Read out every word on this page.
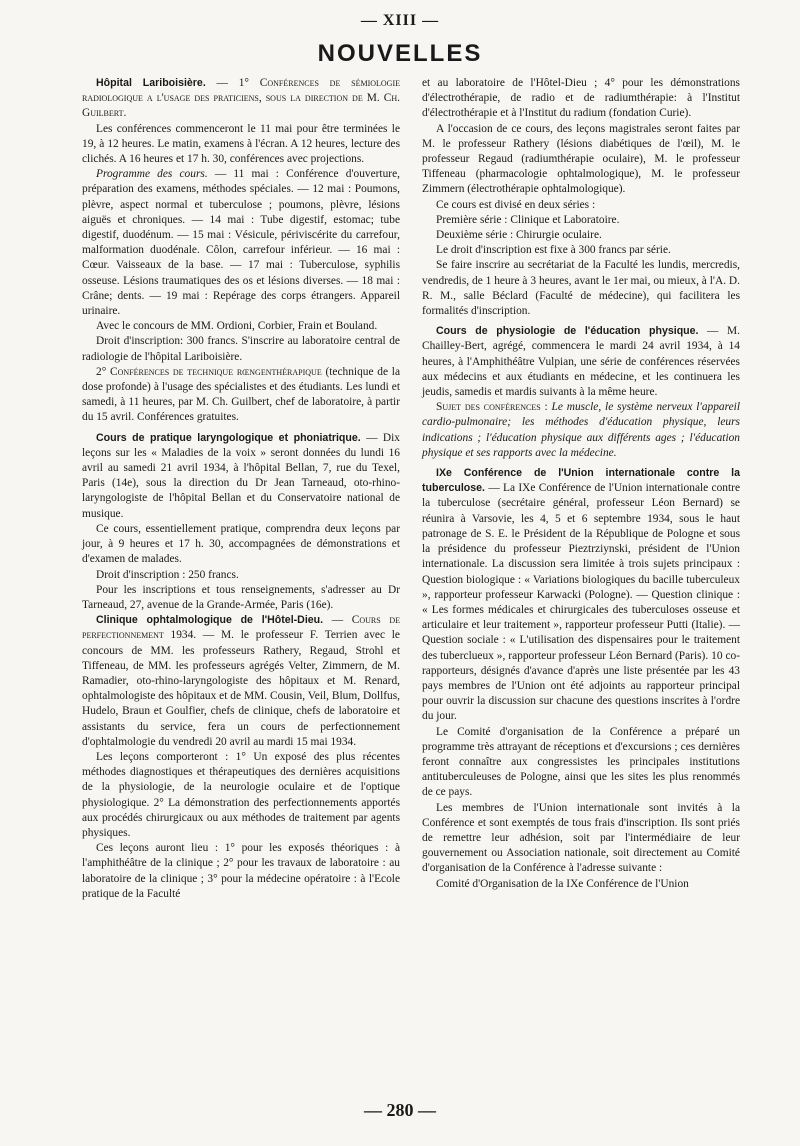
— XIII —
NOUVELLES

Hôpital Lariboisière. — 1° Conférences de sémiologie radiologique a l'usage des praticiens, sous la direction de M. Ch. Guilbert.

Les conférences commenceront le 11 mai pour être terminées le 19, à 12 heures. Le matin, examens à l'écran. A 12 heures, lecture des clichés. A 16 heures et 17 h. 30, conférences avec projections.

Programme des cours. — 11 mai : Conférence d'ouverture, préparation des examens, méthodes spéciales. — 12 mai : Poumons, plèvre, aspect normal et tuberculose ; poumons, plèvre, lésions aiguës et chroniques. — 14 mai : Tube digestif, estomac; tube digestif, duodénum. — 15 mai : Vésicule, périviscérite du carrefour, malformation duodénale. Côlon, carrefour inférieur. — 16 mai : Cœur. Vaisseaux de la base. — 17 mai : Tuberculose, syphilis osseuse. Lésions traumatiques des os et lésions diverses. — 18 mai : Crâne; dents. — 19 mai : Repérage des corps étrangers. Appareil urinaire.

Avec le concours de MM. Ordioni, Corbier, Frain et Bouland.

Droit d'inscription: 300 francs. S'inscrire au laboratoire central de radiologie de l'hôpital Lariboisière.

2° Conférences de technique rœngenthérapique (technique de la dose profonde) à l'usage des spécialistes et des étudiants. Les lundi et samedi, à 11 heures, par M. Ch. Guilbert, chef de laboratoire, à partir du 15 avril. Conférences gratuites.

Cours de pratique laryngologique et phoniatrique. — Dix leçons sur les « Maladies de la voix » seront données du lundi 16 avril au samedi 21 avril 1934, à l'hôpital Bellan, 7, rue du Texel, Paris (14e), sous la direction du Dr Jean Tarneaud, oto-rhino-laryngologiste de l'hôpital Bellan et du Conservatoire national de musique.

Ce cours, essentiellement pratique, comprendra deux leçons par jour, à 9 heures et 17 h. 30, accompagnées de démonstrations et d'examen de malades.

Droit d'inscription : 250 francs.

Pour les inscriptions et tous renseignements, s'adresser au Dr Tarneaud, 27, avenue de la Grande-Armée, Paris (16e).

Clinique ophtalmologique de l'Hôtel-Dieu. — Cours de perfectionnement 1934. — M. le professeur F. Terrien avec le concours de MM. les professeurs Rathery, Regaud, Strohl et Tiffeneau, de MM. les professeurs agrégés Velter, Zimmern, de M. Ramadier, oto-rhino-laryngologiste des hôpitaux et M. Renard, ophtalmologiste des hôpitaux et de MM. Cousin, Veil, Blum, Dollfus, Hudelo, Braun et Goulfier, chefs de clinique, chefs de laboratoire et assistants du service, fera un cours de perfectionnement d'ophtalmologie du vendredi 20 avril au mardi 15 mai 1934.

Les leçons comporteront : 1° Un exposé des plus récentes méthodes diagnostiques et thérapeutiques des dernières acquisitions de la physiologie, de la neurologie oculaire et de l'optique physiologique. 2° La démonstration des perfectionnements apportés aux procédés chirurgicaux ou aux méthodes de traitement par agents physiques.

Ces leçons auront lieu : 1° pour les exposés théoriques : à l'amphithéâtre de la clinique ; 2° pour les travaux de laboratoire : au laboratoire de la clinique ; 3° pour la médecine opératoire : à l'Ecole pratique de la Faculté

et au laboratoire de l'Hôtel-Dieu ; 4° pour les démonstrations d'électrothérapie, de radio et de radiumthérapie: à l'Institut d'électrothérapie et à l'Institut du radium (fondation Curie).

A l'occasion de ce cours, des leçons magistrales seront faites par M. le professeur Rathery (lésions diabétiques de l'œil), M. le professeur Regaud (radiumthérapie oculaire), M. le professeur Tiffeneau (pharmacologie ophtalmologique), M. le professeur Zimmern (électrothérapie ophtalmologique).

Ce cours est divisé en deux séries :

Première série : Clinique et Laboratoire.

Deuxième série : Chirurgie oculaire.

Le droit d'inscription est fixe à 300 francs par série.

Se faire inscrire au secrétariat de la Faculté les lundis, mercredis, vendredis, de 1 heure à 3 heures, avant le 1er mai, ou mieux, à l'A. D. R. M., salle Béclard (Faculté de médecine), qui facilitera les formalités d'inscription.

Cours de physiologie de l'éducation physique. — M. Chailley-Bert, agrégé, commencera le mardi 24 avril 1934, à 14 heures, à l'Amphithéâtre Vulpian, une série de conférences réservées aux médecins et aux étudiants en médecine, et les continuera les jeudis, samedis et mardis suivants à la même heure.

Sujet des conférences : Le muscle, le système nerveux l'appareil cardio-pulmonaire; les méthodes d'éducation physique, leurs indications ; l'éducation physique aux différents ages ; l'éducation physique et ses rapports avec la médecine.

IXe Conférence de l'Union internationale contre la tuberculose. — La IXe Conférence de l'Union internationale contre la tuberculose (secrétaire général, professeur Léon Bernard) se réunira à Varsovie, les 4, 5 et 6 septembre 1934, sous le haut patronage de S. E. le Président de la République de Pologne et sous la présidence du professeur Pieztrziynski, président de l'Union internationale. La discussion sera limitée à trois sujets principaux : Question biologique : « Variations biologiques du bacille tuberculeux », rapporteur professeur Karwacki (Pologne). — Question clinique : « Les formes médicales et chirurgicales des tuberculoses osseuse et articulaire et leur traitement », rapporteur professeur Putti (Italie). — Question sociale : « L'utilisation des dispensaires pour le traitement des tuberclueux », rapporteur professeur Léon Bernard (Paris). 10 co-rapporteurs, désignés d'avance d'après une liste présentée par les 43 pays membres de l'Union ont été adjoints au rapporteur principal pour ouvrir la discussion sur chacune des questions inscrites à l'ordre du jour.

Le Comité d'organisation de la Conférence a préparé un programme très attrayant de réceptions et d'excursions ; ces dernières feront connaître aux congressistes les principales institutions antituberculeuses de Pologne, ainsi que les sites les plus renommés de ce pays.

Les membres de l'Union internationale sont invités à la Conférence et sont exemptés de tous frais d'inscription. Ils sont priés de remettre leur adhésion, soit par l'intermédiaire de leur gouvernement ou Association nationale, soit directement au Comité d'organisation de la Conférence à l'adresse suivante :

Comité d'Organisation de la IXe Conférence de l'Union

— 280 —
